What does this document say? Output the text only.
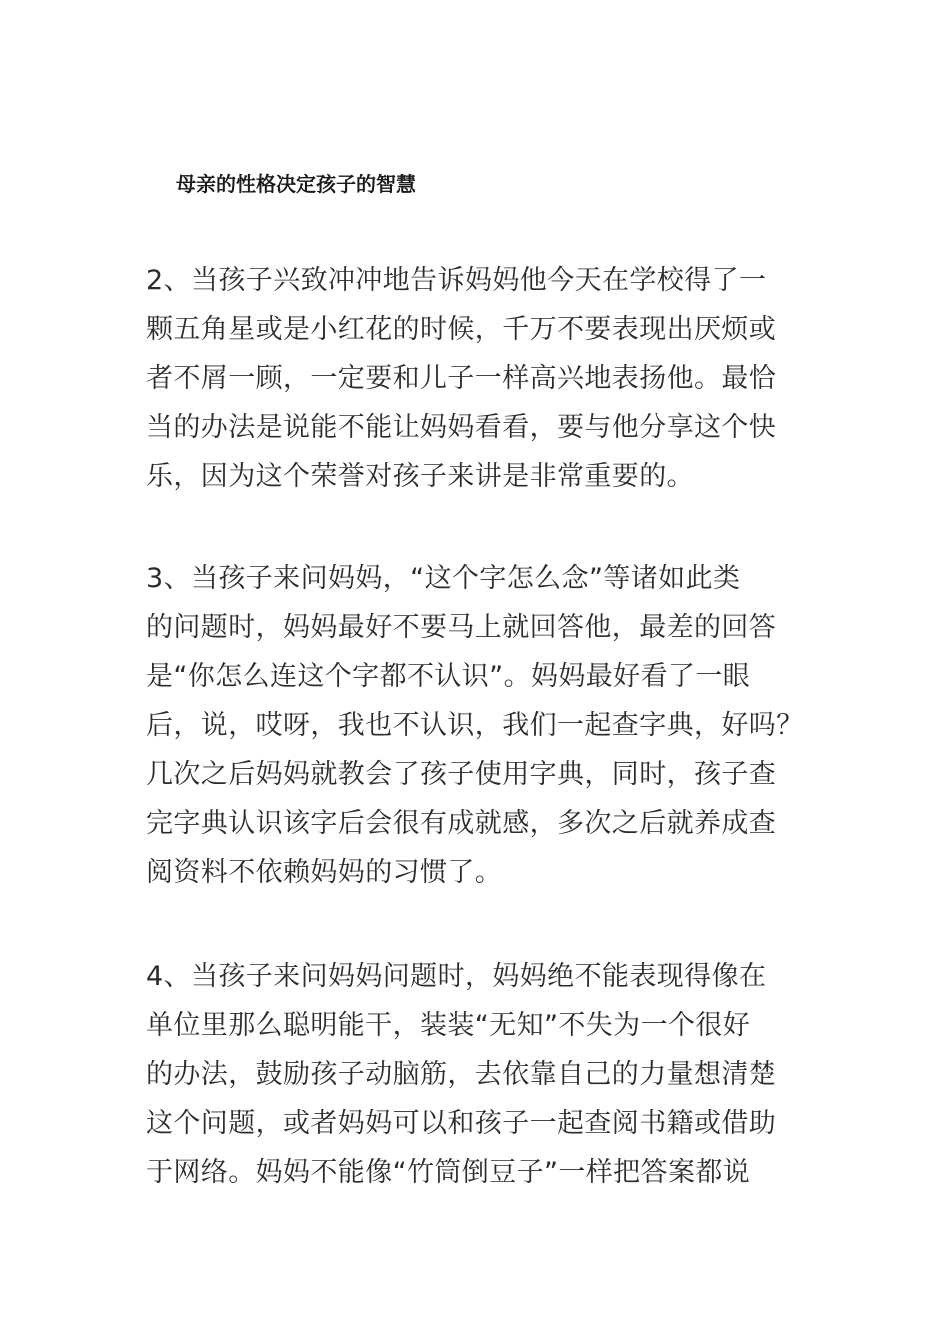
母亲的性格决定孩子的智慧
2、当孩子兴致冲冲地告诉妈妈他今天在学校得了一
颗五角星或是小红花的时候，千万不要表现出厌烦或
者不屑一顾，一定要和儿子一样高兴地表扬他。最恰
当的办法是说能不能让妈妈看看，要与他分享这个快
乐，因为这个荣誉对孩子来讲是非常重要的。
3、当孩子来问妈妈，“这个字怎么念”等诸如此类
的问题时，妈妈最好不要马上就回答他，最差的回答
是“你怎么连这个字都不认识”。妈妈最好看了一眼
后，说，哎呀，我也不认识，我们一起查字典，好吗？
几次之后妈妈就教会了孩子使用字典，同时，孩子查
完字典认识该字后会很有成就感，多次之后就养成查
阅资料不依赖妈妈的习惯了。
4、当孩子来问妈妈问题时，妈妈绝不能表现得像在
单位里那么聪明能干，装装“无知”不失为一个很好
的办法，鼓励孩子动脑筋，去依靠自己的力量想清楚
这个问题，或者妈妈可以和孩子一起查阅书籍或借助
于网络。妈妈不能像“竹筒倒豆子”一样把答案都说
